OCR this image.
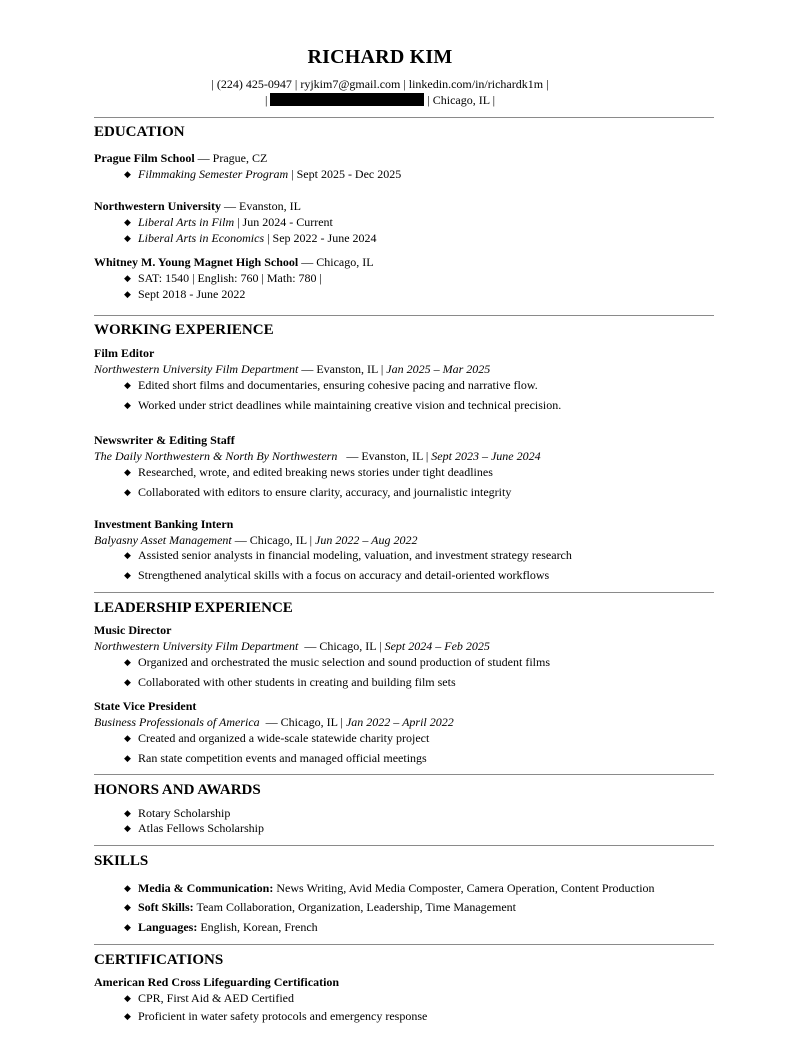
RICHARD KIM
| (224) 425-0947 | ryjkim7@gmail.com | linkedin.com/in/richardk1m |
|	| Chicago, IL |
EDUCATION
Prague Film School — Prague, CZ
◆ Filmmaking Semester Program | Sept 2025 - Dec 2025
Northwestern University — Evanston, IL
◆ Liberal Arts in Film | Jun 2024 - Current
◆ Liberal Arts in Economics | Sep 2022 - June 2024
Whitney M. Young Magnet High School — Chicago, IL
◆ SAT: 1540 | English: 760 | Math: 780 |
◆ Sept 2018 - June 2022
WORKING EXPERIENCE
Film Editor
Northwestern University Film Department — Evanston, IL | Jan 2025 – Mar 2025
◆ Edited short films and documentaries, ensuring cohesive pacing and narrative flow.
◆ Worked under strict deadlines while maintaining creative vision and technical precision.
Newswriter & Editing Staff
The Daily Northwestern & North By Northwestern   — Evanston, IL | Sept 2023 – June 2024
◆ Researched, wrote, and edited breaking news stories under tight deadlines
◆ Collaborated with editors to ensure clarity, accuracy, and journalistic integrity
Investment Banking Intern
Balyasny Asset Management — Chicago, IL | Jun 2022 – Aug 2022
◆ Assisted senior analysts in financial modeling, valuation, and investment strategy research
◆ Strengthened analytical skills with a focus on accuracy and detail-oriented workflows
LEADERSHIP EXPERIENCE
Music Director
Northwestern University Film Department  — Chicago, IL | Sept 2024 – Feb 2025
◆ Organized and orchestrated the music selection and sound production of student films
◆ Collaborated with other students in creating and building film sets
State Vice President
Business Professionals of America  — Chicago, IL | Jan 2022 – April 2022
◆ Created and organized a wide-scale statewide charity project
◆ Ran state competition events and managed official meetings
HONORS AND AWARDS
◆ Rotary Scholarship
◆ Atlas Fellows Scholarship
SKILLS
◆ Media & Communication: News Writing, Avid Media Composter, Camera Operation, Content Production
◆ Soft Skills: Team Collaboration, Organization, Leadership, Time Management
◆ Languages: English, Korean, French
CERTIFICATIONS
American Red Cross Lifeguarding Certification
◆ CPR, First Aid & AED Certified
◆ Proficient in water safety protocols and emergency response
